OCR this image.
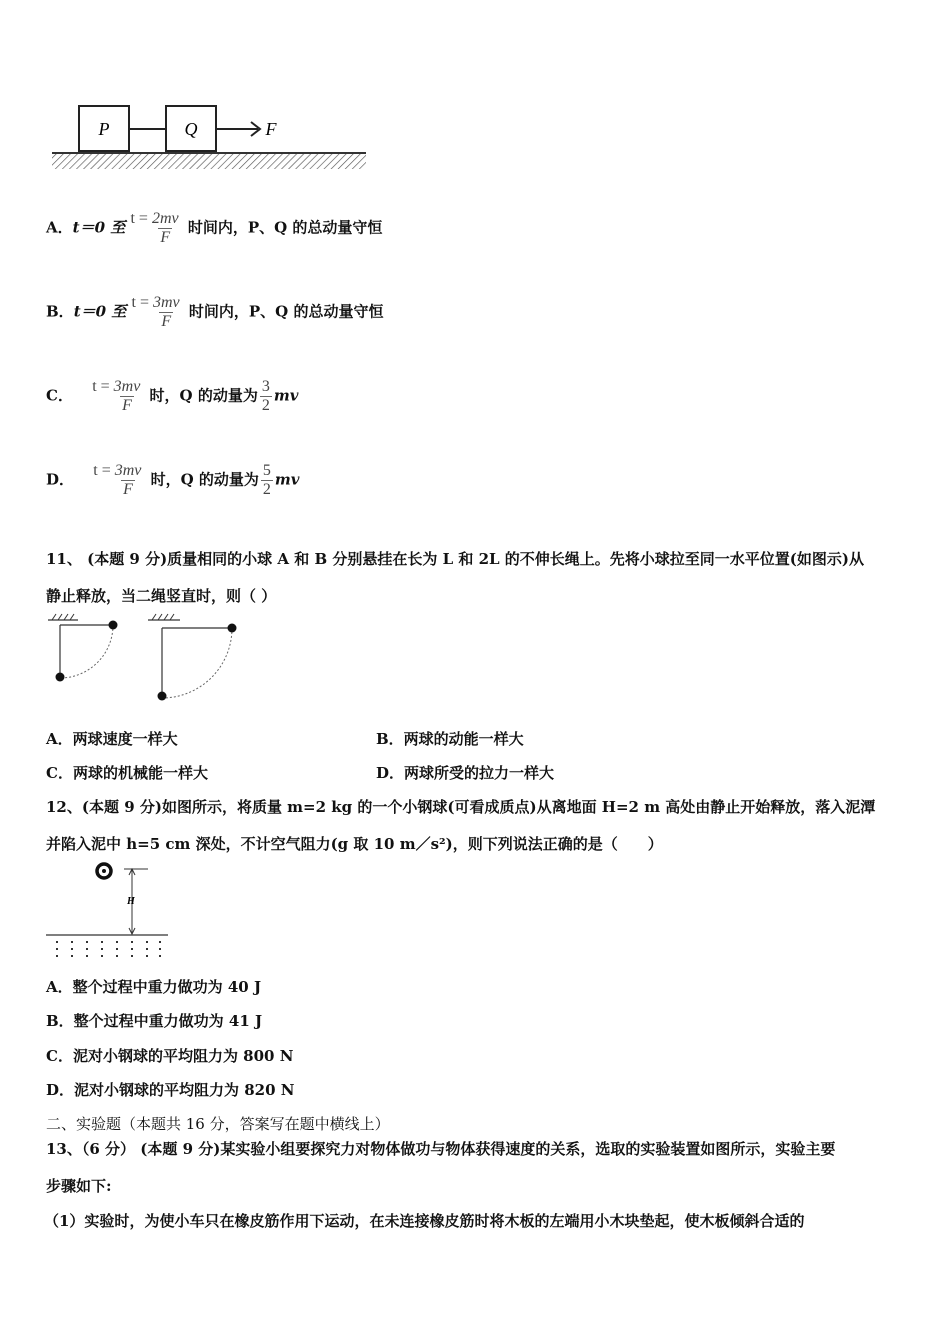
P	Q	F
A．t＝0 至 $t = \frac{2mv}{F}$ 时间内，P、Q 的总动量守恒
B．t＝0 至 $t = \frac{3mv}{F}$ 时间内，P、Q 的总动量守恒
C． $t = \frac{3mv}{F}$ 时，Q 的动量为 $\frac{3}{2}$ mv
D． $t = \frac{3mv}{F}$ 时，Q 的动量为 $\frac{5}{2}$ mv
11、 (本题 9 分)质量相同的小球 A 和 B 分别悬挂在长为 L 和 2L 的不伸长绳上。先将小球拉至同一水平位置(如图示)从
静止释放，当二绳竖直时，则（ ）
A．两球速度一样大	B．两球的动能一样大
C．两球的机械能一样大	D．两球所受的拉力一样大
12、(本题 9 分)如图所示，将质量 m=2 kg 的一个小钢球(可看成质点)从离地面 H=2 m 高处由静止开始释放，落入泥潭
并陷入泥中 h=5 cm 深处，不计空气阻力(g 取 10 m／s²)，则下列说法正确的是（　　）
H
A．整个过程中重力做功为 40 J
B．整个过程中重力做功为 41 J
C．泥对小钢球的平均阻力为 800 N
D．泥对小钢球的平均阻力为 820 N
二、实验题（本题共 16 分，答案写在题中横线上）
13、（6 分） (本题 9 分)某实验小组要探究力对物体做功与物体获得速度的关系，选取的实验装置如图所示，实验主要
步骤如下:
（1）实验时，为使小车只在橡皮筋作用下运动，在未连接橡皮筋时将木板的左端用小木块垫起，使木板倾斜合适的
